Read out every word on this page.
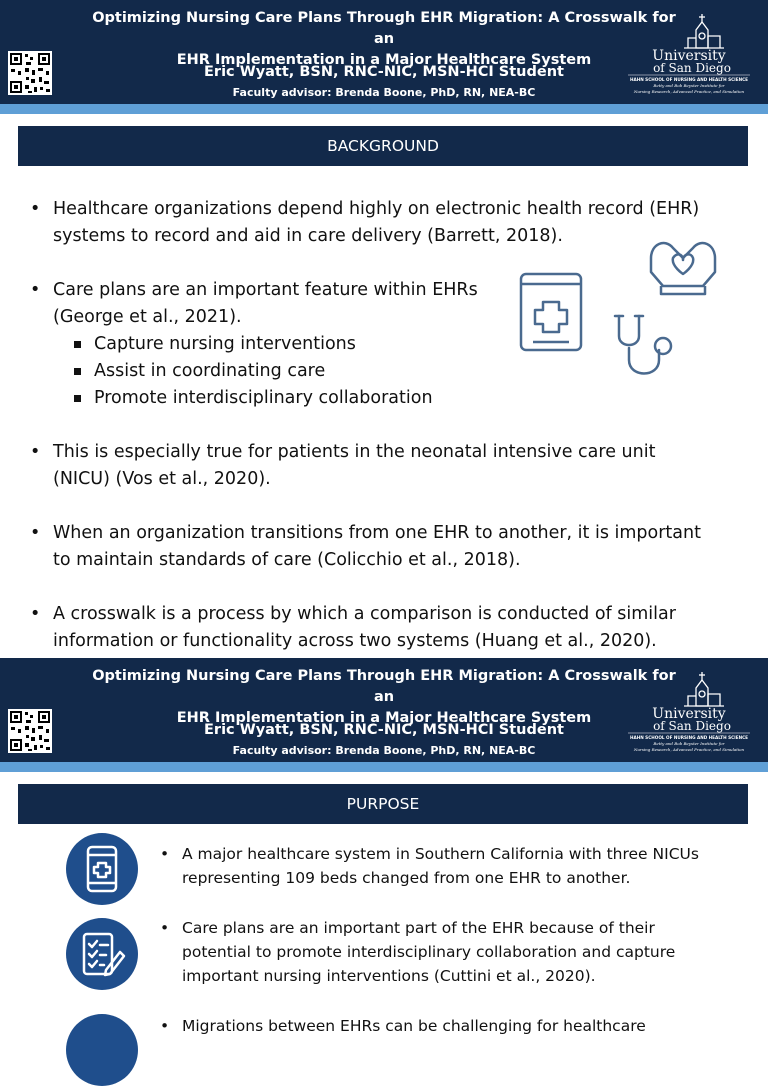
Optimizing Nursing Care Plans Through EHR Migration: A Crosswalk for an
EHR Implementation in a Major Healthcare System
Eric Wyatt, BSN, RNC-NIC, MSN-HCI Student
Faculty advisor: Brenda Boone, PhD, RN, NEA-BC
University
of San Diego
HAHN SCHOOL OF NURSING AND HEALTH SCIENCE
Betty and Bob Beyster Institute for
Nursing Research, Advanced Practice, and Simulation
BACKGROUND
• Healthcare organizations depend highly on electronic health record (EHR)
systems to record and aid in care delivery (Barrett, 2018).
• Care plans are an important feature within EHRs
(George et al., 2021).
Capture nursing interventions
Assist in coordinating care
Promote interdisciplinary collaboration
• This is especially true for patients in the neonatal intensive care unit
(NICU) (Vos et al., 2020).
• When an organization transitions from one EHR to another, it is important
to maintain standards of care (Colicchio et al., 2018).
• A crosswalk is a process by which a comparison is conducted of similar
information or functionality across two systems (Huang et al., 2020).
Optimizing Nursing Care Plans Through EHR Migration: A Crosswalk for an
EHR Implementation in a Major Healthcare System
Eric Wyatt, BSN, RNC-NIC, MSN-HCI Student
Faculty advisor: Brenda Boone, PhD, RN, NEA-BC
University
of San Diego
HAHN SCHOOL OF NURSING AND HEALTH SCIENCE
Betty and Bob Beyster Institute for
Nursing Research, Advanced Practice, and Simulation
PURPOSE
• A major healthcare system in Southern California with three NICUs
representing 109 beds changed from one EHR to another.
• Care plans are an important part of the EHR because of their
potential to promote interdisciplinary collaboration and capture
important nursing interventions (Cuttini et al., 2020).
• Migrations between EHRs can be challenging for healthcare
